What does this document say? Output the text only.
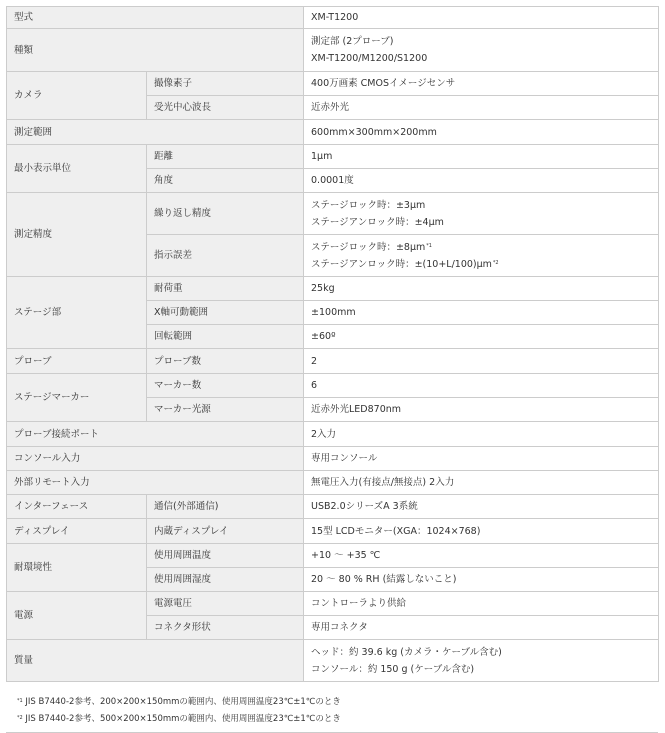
型式		XM-T1200
種類		測定部 (2プローブ)
XM-T1200/M1200/S1200
カメラ	撮像素子	400万画素 CMOSイメージセンサ
	受光中心波長	近赤外光
測定範囲		600mm×300mm×200mm
最小表示単位	距離	1μm
	角度	0.0001度
測定精度	繰り返し精度	ステージロック時：±3μm
ステージアンロック時：±4μm
	指示誤差	ステージロック時：$\pm 8\mu m^{*1}$
ステージアンロック時：$\pm(10+L/100)\mu m^{*2}$
ステージ部	耐荷重	25kg
	X軸可動範囲	±100mm
	回転範囲	±60º
プローブ	プローブ数	2
ステージマーカー	マーカー数	6
	マーカー光源	近赤外光LED870nm
プローブ接続ポート		2入力
コンソール入力		専用コンソール
外部リモート入力		無電圧入力(有接点/無接点) 2入力
インターフェース	通信(外部通信)	USB2.0シリーズA 3系統
ディスプレイ	内蔵ディスプレイ	15型 LCDモニター(XGA：1024×768)
耐環境性	使用周囲温度	+10 ～ +35 ℃
	使用周囲湿度	20 ～ 80 % RH (結露しないこと)
電源	電源電圧	コントローラより供給
	コネクタ形状	専用コネクタ
質量		ヘッド：約 39.6 kg (カメラ・ケーブル含む)
コンソール：約 150 g (ケーブル含む)
$^{*1}$ JIS B7440-2参考、200×200×150mmの範囲内、使用周囲温度23℃±1℃のとき
$^{*2}$ JIS B7440-2参考、500×200×150mmの範囲内、使用周囲温度23℃±1℃のとき
